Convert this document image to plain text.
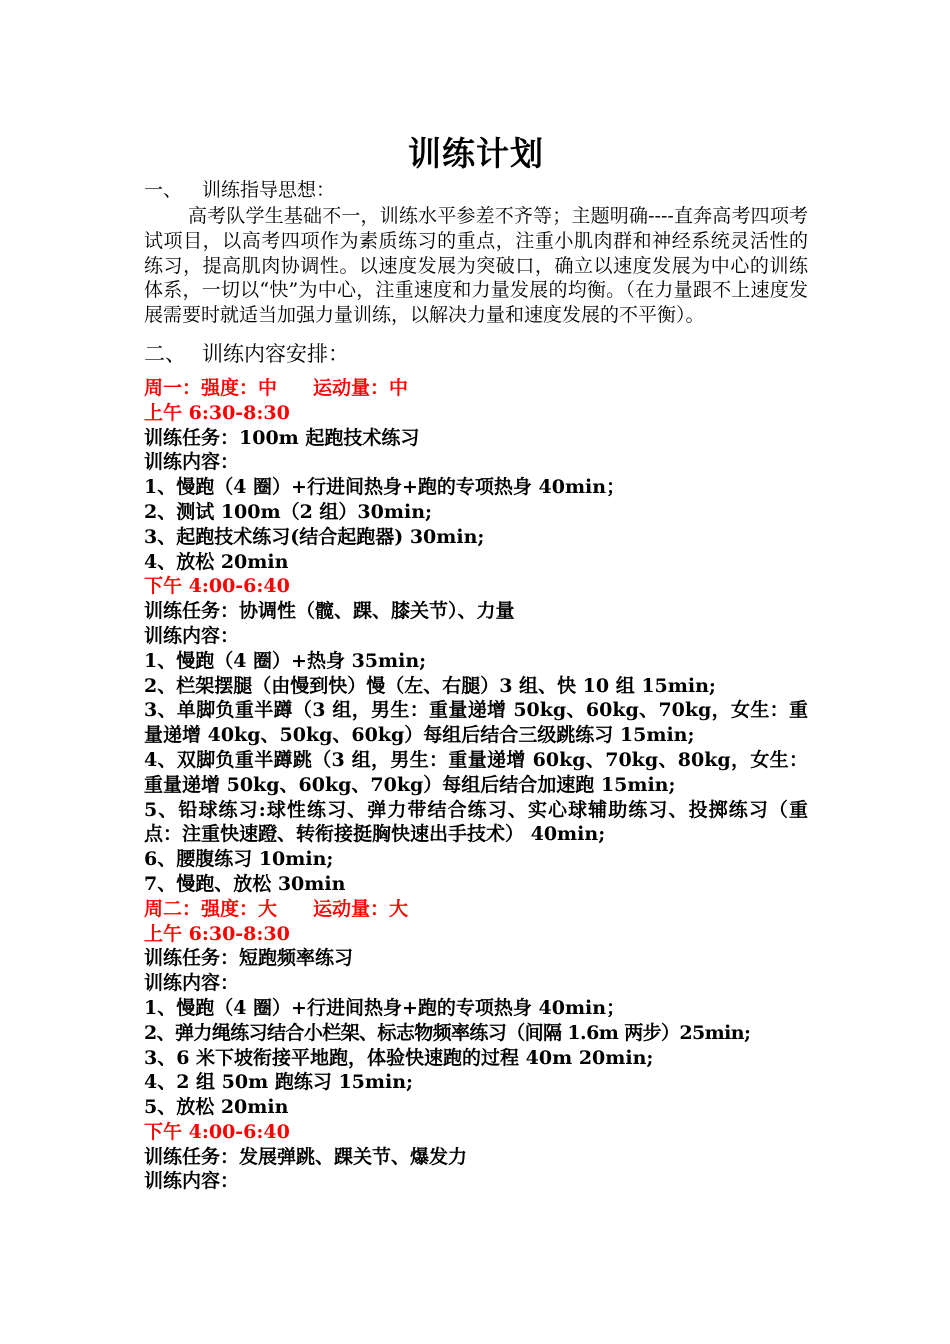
训练计划
一、 训练指导思想：

高考队学生基础不一，训练水平参差不齐等；主题明确----直奔高考四项考试项目，以高考四项作为素质练习的重点，注重小肌肉群和神经系统灵活性的练习，提高肌肉协调性。以速度发展为突破口，确立以速度发展为中心的训练体系，一切以“快”为中心，注重速度和力量发展的均衡。（在力量跟不上速度发展需要时就适当加强力量训练，以解决力量和速度发展的不平衡）。

二、 训练内容安排：
周一：强度：中 运动量：中
上午 6:30-8:30
训练任务：100m 起跑技术练习
训练内容：
1、慢跑（4 圈）+行进间热身+跑的专项热身 40min；
2、测试 100m（2 组）30min;
3、起跑技术练习(结合起跑器) 30min;
4、放松 20min
下午 4:00-6:40
训练任务：协调性（髋、踝、膝关节）、力量
训练内容：
1、慢跑（4 圈）+热身 35min;
2、栏架摆腿（由慢到快）慢（左、右腿）3 组、快 10 组 15min;
3、单脚负重半蹲（3 组，男生：重量递增 50kg、60kg、70kg，女生：重量递增 40kg、50kg、60kg）每组后结合三级跳练习 15min;
4、双脚负重半蹲跳（3 组，男生：重量递增 60kg、70kg、80kg，女生：重量递增 50kg、60kg、70kg）每组后结合加速跑 15min;
5、铅球练习:球性练习、弹力带结合练习、实心球辅助练习、投掷练习（重点：注重快速蹬、转衔接挺胸快速出手技术） 40min;
6、腰腹练习 10min;
7、慢跑、放松 30min
周二：强度：大 运动量：大
上午 6:30-8:30
训练任务：短跑频率练习
训练内容：
1、慢跑（4 圈）+行进间热身+跑的专项热身 40min；
2、弹力绳练习结合小栏架、标志物频率练习（间隔 1.6m 两步）25min;
3、6 米下坡衔接平地跑，体验快速跑的过程 40m 20min;
4、2 组 50m 跑练习 15min;
5、放松 20min
下午 4:00-6:40
训练任务：发展弹跳、踝关节、爆发力
训练内容：
